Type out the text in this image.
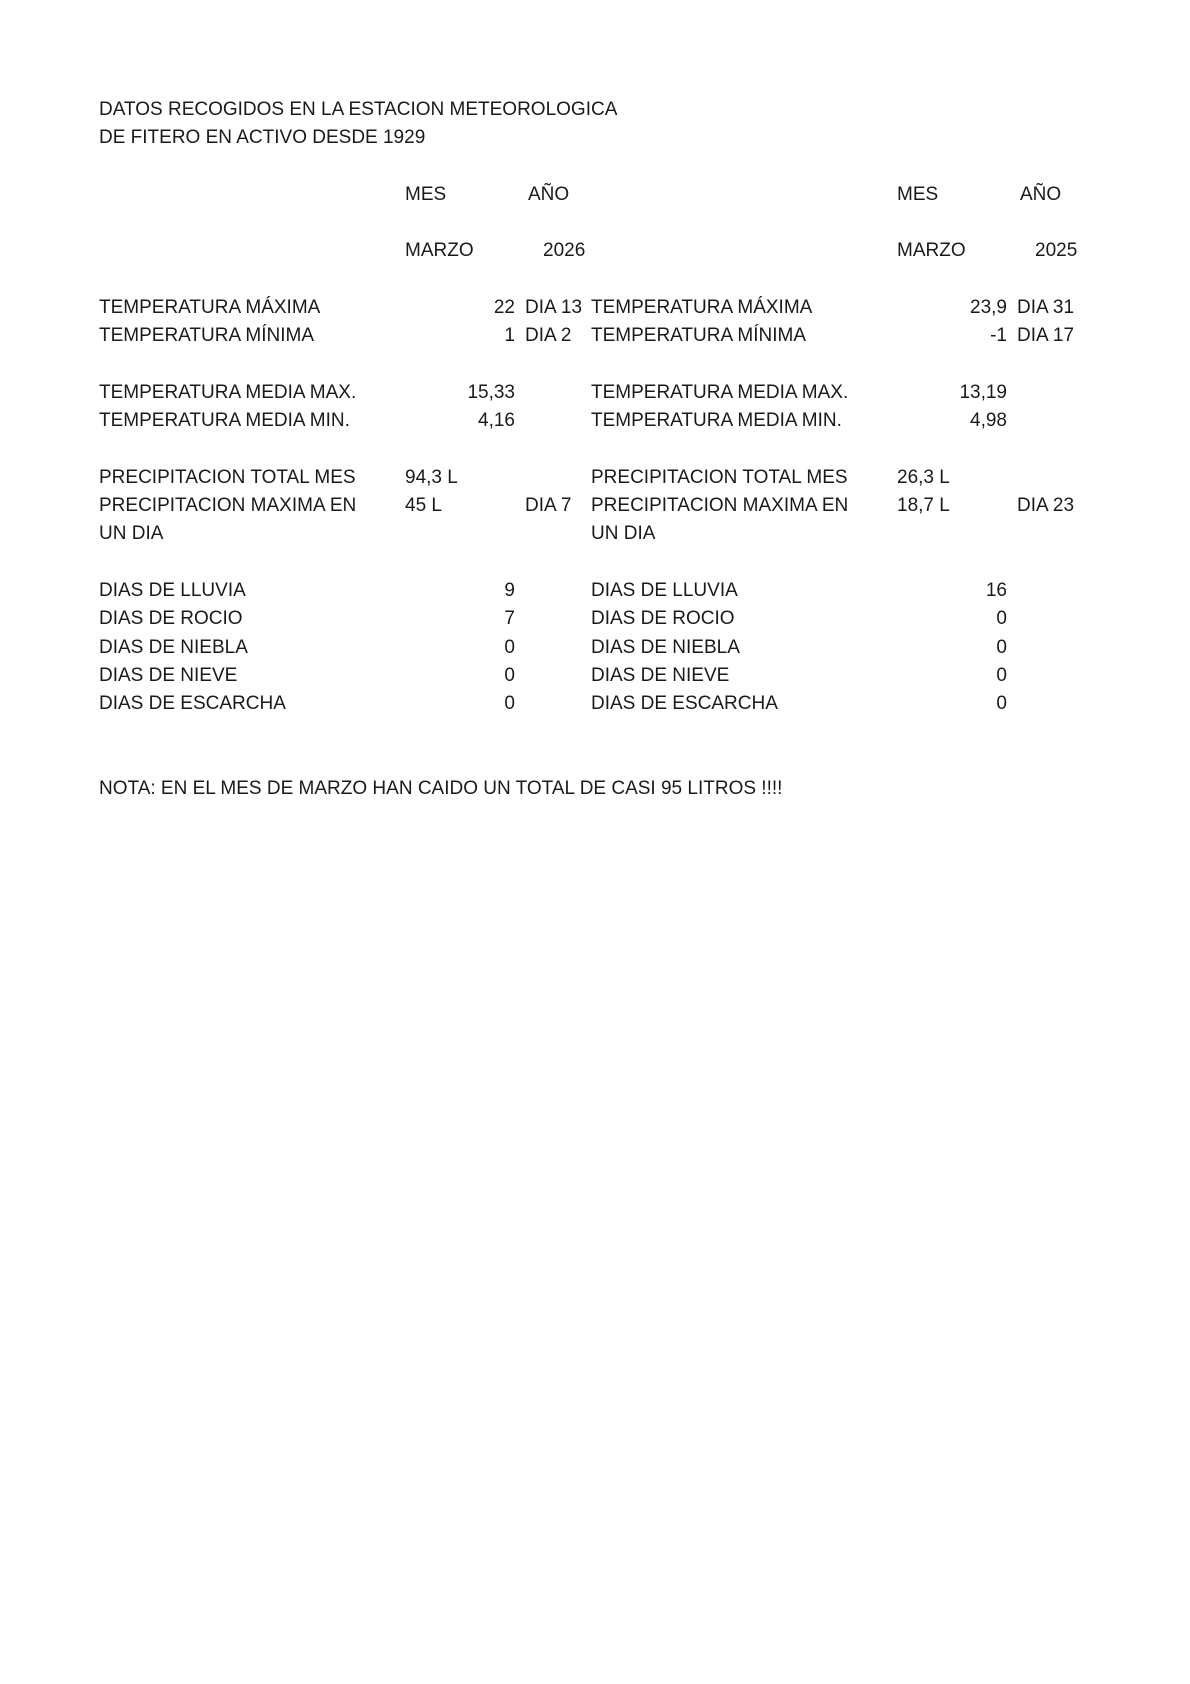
DATOS RECOGIDOS EN LA ESTACION METEOROLOGICA
DE FITERO EN ACTIVO DESDE 1929
MES	AÑO	MES	AÑO
MARZO	2026	MARZO	2025
TEMPERATURA MÁXIMA	22 DIA 13 TEMPERATURA MÁXIMA	23,9 DIA 31
TEMPERATURA MÍNIMA	1 DIA 2	TEMPERATURA MÍNIMA	-1 DIA 17
TEMPERATURA MEDIA MAX.	15,33	TEMPERATURA MEDIA MAX.	13,19
TEMPERATURA MEDIA MIN.	4,16	TEMPERATURA MEDIA MIN.	4,98
PRECIPITACION TOTAL MES	94,3 L	PRECIPITACION TOTAL MES	26,3 L
PRECIPITACION MAXIMA EN	45 L	DIA 7	PRECIPITACION MAXIMA EN	18,7 L	DIA 23
UN DIA	UN DIA
DIAS DE LLUVIA	9	DIAS DE LLUVIA	16
DIAS DE ROCIO	7	DIAS DE ROCIO	0
DIAS DE NIEBLA	0	DIAS DE NIEBLA	0
DIAS DE NIEVE	0	DIAS DE NIEVE	0
DIAS DE ESCARCHA	0	DIAS DE ESCARCHA	0
NOTA: EN EL MES DE MARZO HAN CAIDO UN TOTAL DE CASI 95 LITROS !!!!
